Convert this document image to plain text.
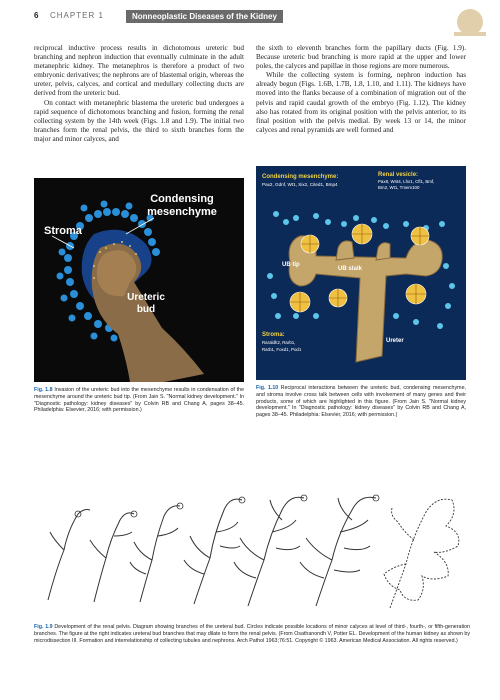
6 CHAPTER 1	Nonneoplastic Diseases of the Kidney

reciprocal inductive process results in dichotomous ureteric bud branching and nephron induction that eventually culminate in the adult metanephric kidney. The metanephros is therefore a product of two embryonic derivatives; the nephrons are of blastemal origin, whereas the ureter, pelvis, calyces, and cortical and medullary collecting ducts are derived from the ureteric bud.

On contact with metanephric blastema the ureteric bud undergoes a rapid sequence of dichotomous branching and fusion, forming the renal collecting system by the 14th week (Figs. 1.8 and 1.9). The initial two branches form the renal pelvis, the third to sixth branches form the major and minor calyces, and

the sixth to eleventh branches form the papillary ducts (Fig. 1.9). Because ureteric bud branching is more rapid at the upper and lower poles, the calyces and papillae in those regions are more numerous.

While the collecting system is forming, nephron induction has already begun (Figs. 1.6B, 1.7B, 1.8, 1.10, and 1.11). The kidneys have moved into the flanks because of a combination of migration out of the pelvis and rapid caudal growth of the embryo (Fig. 1.12). The kidney also has rotated from its original position with the pelvis anterior, to its final position with the pelvis medial. By week 13 or 14, the minor calyces and renal pyramids are well formed and

Stroma
Condensing
mesenchyme
Ureteric
bud
Fig. 1.8 Invasion of the ureteric bud into the mesenchyme results in condensation of the mesenchyme around the ureteric bud tip. (From Jain S. "Normal kidney development." In "Diagnostic pathology: kidney diseases" by Colvin RB and Chang A, pages 38–45. Philadelphia: Elsevier, 2016; with permission.)
Condensing mesenchyme:
Pax2, Gdnf, Wt1, Six2, Cited1, Bmp4
Renal vesicle:
Pax8, Wnt4, Lhx1, Cfl1, Bmf,
Bm2, Wt1, Tmem100
UB tip
UB stalk
Ureter
Stroma:
Raraldh2, Rarb1,
Rarb1, Foxd1, Pod1
Fig. 1.10 Reciprocal interactions between the ureteric bud, condensing mesenchyme, and stroma involve cross talk between cells with involvement of many genes and their products, some of which are highlighted in this figure. (From Jain S. "Normal kidney development." In "Diagnostic pathology: kidney diseases" by Colvin RB and Chang A, pages 38–45. Philadelphia: Elsevier, 2016; with permission.)
Fig. 1.9 Development of the renal pelvis. Diagram showing branches of the ureteral bud. Circles indicate possible locations of minor calyces at level of third-, fourth-, or fifth-generation branches. The figure at the right indicates ureteral bud branches that may dilate to form the renal pelvis. (From Osathanondh V, Potter EL. Development of the human kidney as shown by microdissection III. Formation and interrelationship of collecting tubules and nephrons. Arch Pathol 1963;76:51. Copyright © 1963. American Medical Association. All rights reserved.)
